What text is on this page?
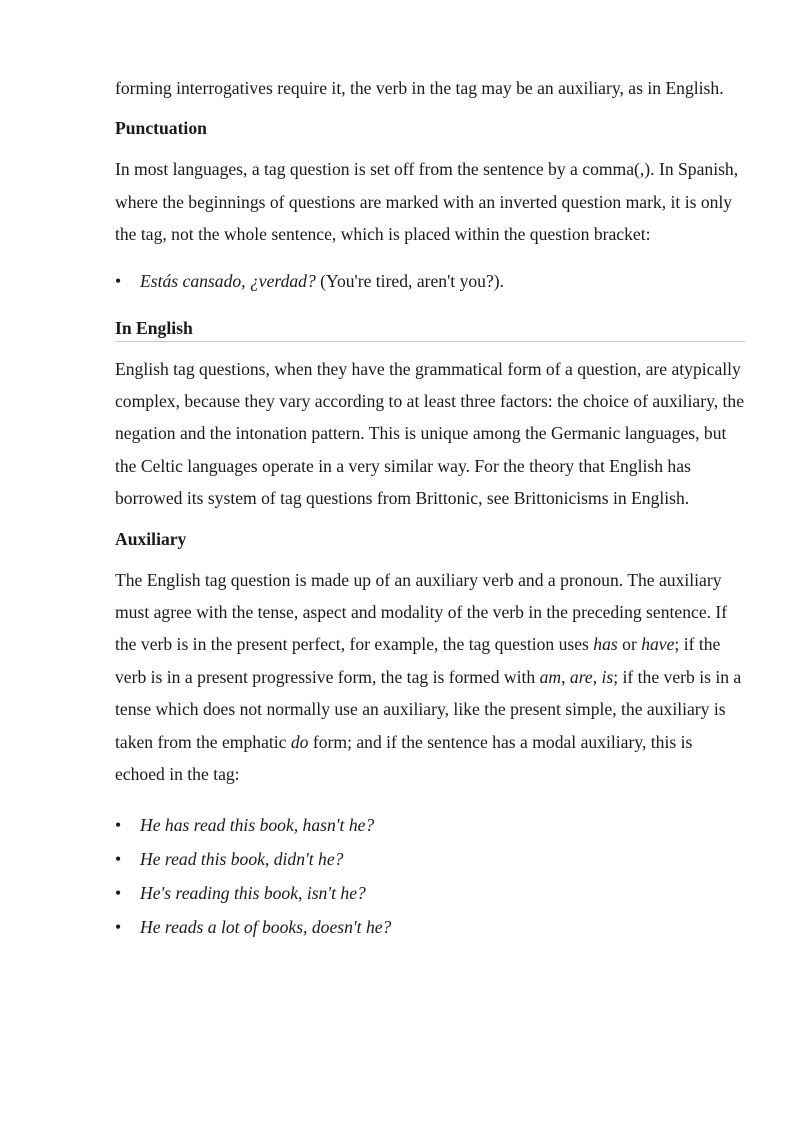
forming interrogatives require it, the verb in the tag may be an auxiliary, as in English.

Punctuation

In most languages, a tag question is set off from the sentence by a comma(,). In Spanish, where the beginnings of questions are marked with an inverted question mark, it is only the tag, not the whole sentence, which is placed within the question bracket:

• Estás cansado, ¿verdad? (You're tired, aren't you?).
In English

English tag questions, when they have the grammatical form of a question, are atypically complex, because they vary according to at least three factors: the choice of auxiliary, the negation and the intonation pattern. This is unique among the Germanic languages, but the Celtic languages operate in a very similar way. For the theory that English has borrowed its system of tag questions from Brittonic, see Brittonicisms in English.

Auxiliary

The English tag question is made up of an auxiliary verb and a pronoun. The auxiliary must agree with the tense, aspect and modality of the verb in the preceding sentence. If the verb is in the present perfect, for example, the tag question uses has or have; if the verb is in a present progressive form, the tag is formed with am, are, is; if the verb is in a tense which does not normally use an auxiliary, like the present simple, the auxiliary is taken from the emphatic do form; and if the sentence has a modal auxiliary, this is echoed in the tag:

• He has read this book, hasn't he?
• He read this book, didn't he?
• He's reading this book, isn't he?
• He reads a lot of books, doesn't he?
